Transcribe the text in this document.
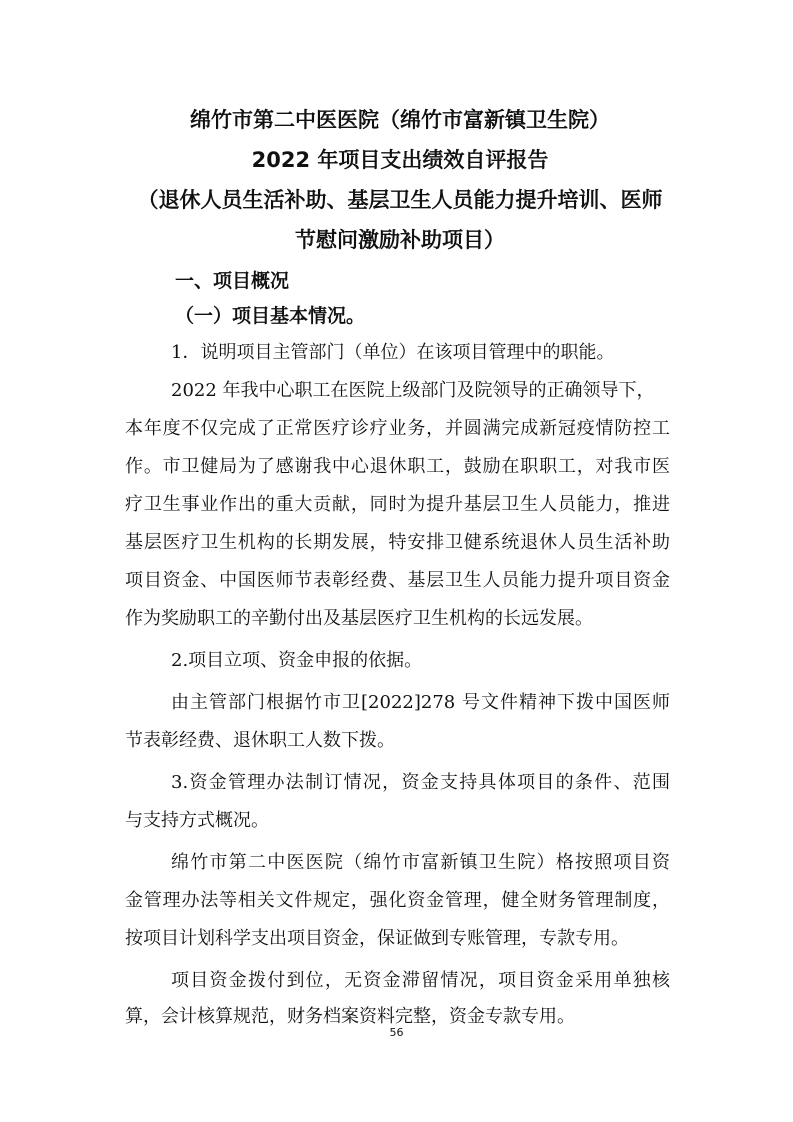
绵竹市第二中医医院（绵竹市富新镇卫生院）
2022 年项目支出绩效自评报告
（退休人员生活补助、基层卫生人员能力提升培训、医师
节慰问激励补助项目）
一、项目概况
（一）项目基本情况。
1．说明项目主管部门（单位）在该项目管理中的职能。
2022 年我中心职工在医院上级部门及院领导的正确领导下，
本年度不仅完成了正常医疗诊疗业务，并圆满完成新冠疫情防控工
作。市卫健局为了感谢我中心退休职工，鼓励在职职工，对我市医
疗卫生事业作出的重大贡献，同时为提升基层卫生人员能力，推进
基层医疗卫生机构的长期发展，特安排卫健系统退休人员生活补助
项目资金、中国医师节表彰经费、基层卫生人员能力提升项目资金
作为奖励职工的辛勤付出及基层医疗卫生机构的长远发展。
2.项目立项、资金申报的依据。
由主管部门根据竹市卫[2022]278 号文件精神下拨中国医师
节表彰经费、退休职工人数下拨。
3.资金管理办法制订情况，资金支持具体项目的条件、范围
与支持方式概况。
绵竹市第二中医医院（绵竹市富新镇卫生院）格按照项目资
金管理办法等相关文件规定，强化资金管理，健全财务管理制度，
按项目计划科学支出项目资金，保证做到专账管理，专款专用。
项目资金拨付到位，无资金滞留情况，项目资金采用单独核
算，会计核算规范，财务档案资料完整，资金专款专用。
56
